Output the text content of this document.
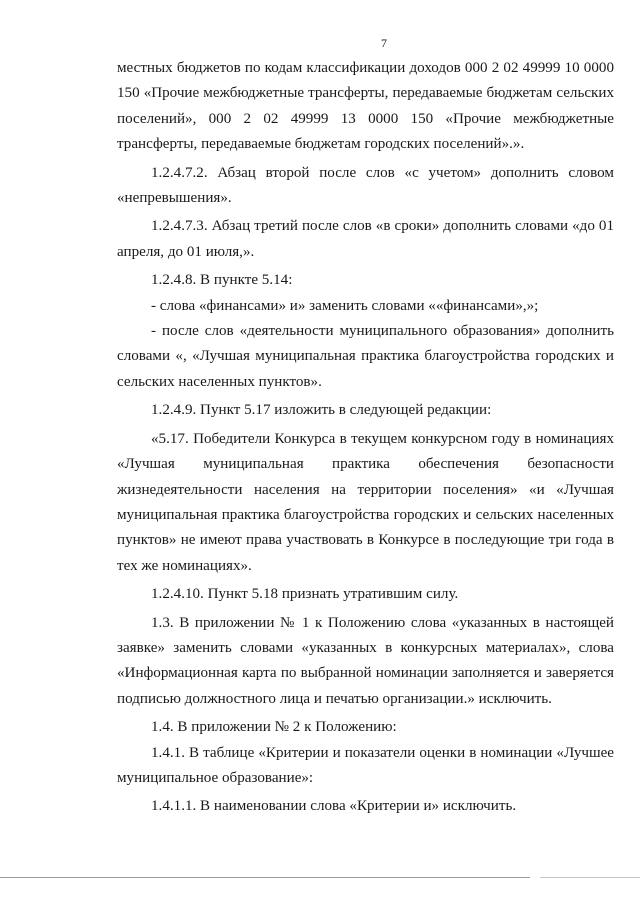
7

местных бюджетов по кодам классификации доходов 000 2 02 49999 10 0000 150 «Прочие межбюджетные трансферты, передаваемые бюджетам сельских поселений», 000 2 02 49999 13 0000 150 «Прочие межбюджетные трансферты, передаваемые бюджетам городских поселений».».

1.2.4.7.2. Абзац второй после слов «с учетом» дополнить словом «непревышения».

1.2.4.7.3. Абзац третий после слов «в сроки» дополнить словами «до 01 апреля, до 01 июля,».

1.2.4.8. В пункте 5.14:

- слова «финансами» и» заменить словами ««финансами»,»;

- после слов «деятельности муниципального образования» дополнить словами «, «Лучшая муниципальная практика благоустройства городских и сельских населенных пунктов».

1.2.4.9. Пункт 5.17 изложить в следующей редакции:

«5.17. Победители Конкурса в текущем конкурсном году в номинациях «Лучшая муниципальная практика обеспечения безопасности жизнедеятельности населения на территории поселения» «и «Лучшая муниципальная практика благоустройства городских и сельских населенных пунктов» не имеют права участвовать в Конкурсе в последующие три года в тех же номинациях».

1.2.4.10. Пункт 5.18 признать утратившим силу.

1.3. В приложении № 1 к Положению слова «указанных в настоящей заявке» заменить словами «указанных в конкурсных материалах», слова «Информационная карта по выбранной номинации заполняется и заверяется подписью должностного лица и печатью организации.» исключить.

1.4. В приложении № 2 к Положению:

1.4.1. В таблице «Критерии и показатели оценки в номинации «Лучшее муниципальное образование»:

1.4.1.1. В наименовании слова «Критерии и» исключить.
